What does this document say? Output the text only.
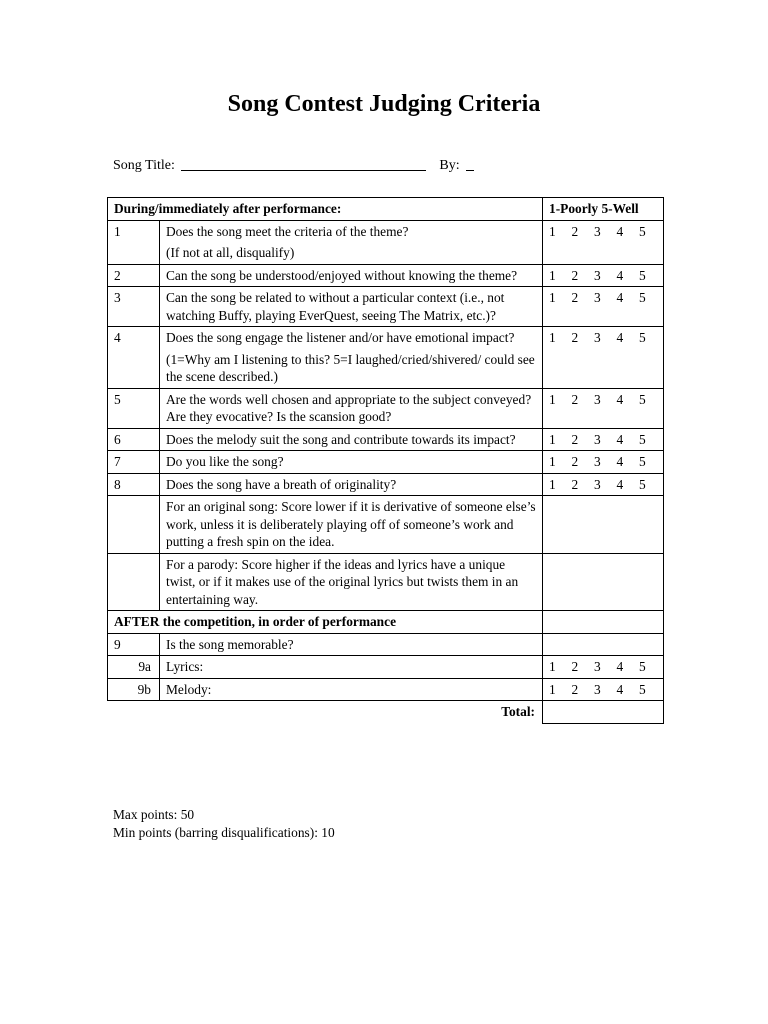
Song Contest Judging Criteria
Song Title:	By:
During/immediately after performance:		1-Poorly 5-Well
1	Does the song meet the criteria of the theme?

(If not at all, disqualify)	1 2 3 4 5

2	Can the song be understood/enjoyed without knowing the theme?	1 2 3 4 5

3	Can the song be related to without a particular context (i.e., not watching Buffy, playing EverQuest, seeing The Matrix, etc.)?	1 2 3 4 5

4	Does the song engage the listener and/or have emotional impact?

(1=Why am I listening to this? 5=I laughed/cried/shivered/ could see the scene described.)	1 2 3 4 5

5	Are the words well chosen and appropriate to the subject conveyed? Are they evocative? Is the scansion good?	1 2 3 4 5

6	Does the melody suit the song and contribute towards its impact?	1 2 3 4 5

7	Do you like the song?	1 2 3 4 5

8	Does the song have a breath of originality?	1 2 3 4 5

	For an original song: Score lower if it is derivative of someone else’s work, unless it is deliberately playing off of someone’s work and putting a fresh spin on the idea.	

	For a parody: Score higher if the ideas and lyrics have a unique twist, or if it makes use of the original lyrics but twists them in an entertaining way.	

AFTER the competition, in order of performance		
9	Is the song memorable?	

9a	Lyrics:	1 2 3 4 5

9b	Melody:	1 2 3 4 5

Total:		
Max points: 50
Min points (barring disqualifications): 10
